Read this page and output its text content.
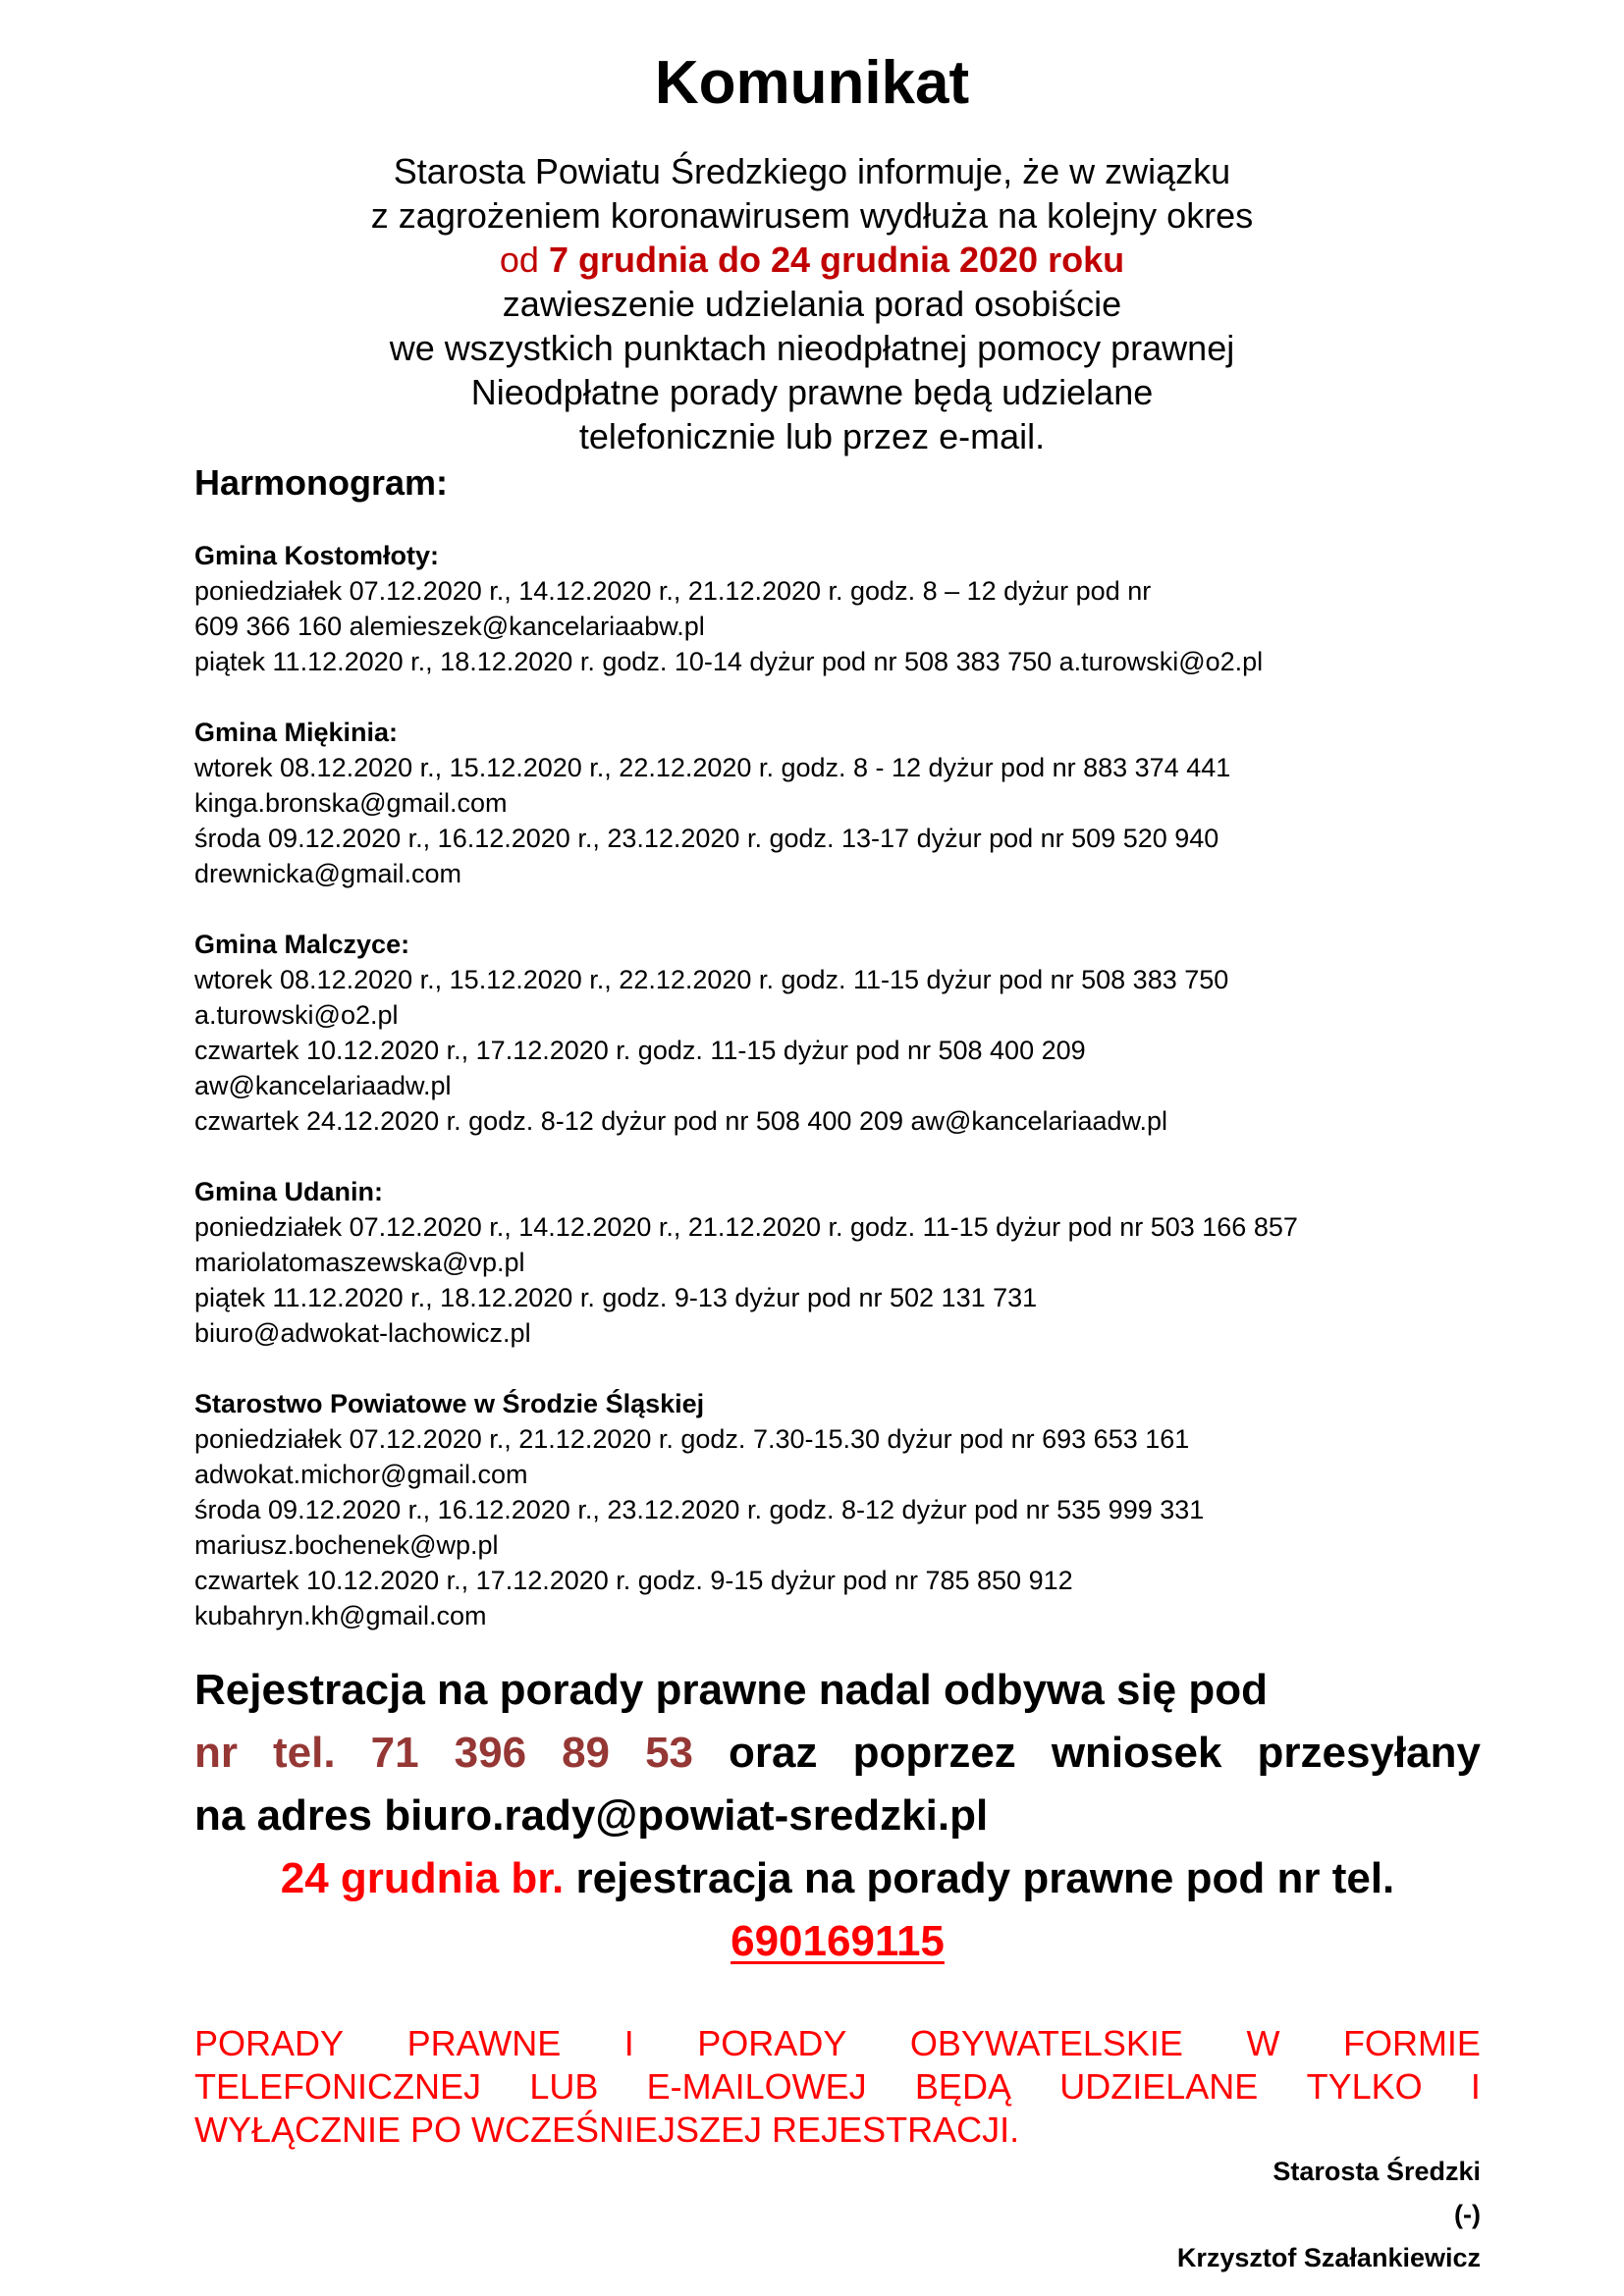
Komunikat
Starosta Powiatu Średzkiego informuje, że w związku
z zagrożeniem koronawirusem wydłuża na kolejny okres
od 7 grudnia do 24 grudnia 2020 roku
zawieszenie udzielania porad osobiście
we wszystkich punktach nieodpłatnej pomocy prawnej
Nieodpłatne porady prawne będą udzielane
telefonicznie lub przez e-mail.
Harmonogram:
Gmina Kostomłoty:
poniedziałek 07.12.2020 r., 14.12.2020 r., 21.12.2020 r. godz. 8 – 12 dyżur pod nr
609 366 160 alemieszek@kancelariaabw.pl
piątek 11.12.2020 r., 18.12.2020 r. godz. 10-14 dyżur pod nr 508 383 750 a.turowski@o2.pl
Gmina Miękinia:
wtorek 08.12.2020 r., 15.12.2020 r., 22.12.2020 r. godz. 8 - 12 dyżur pod nr 883 374 441
kinga.bronska@gmail.com
środa 09.12.2020 r., 16.12.2020 r., 23.12.2020 r. godz. 13-17 dyżur pod nr 509 520 940
drewnicka@gmail.com
Gmina Malczyce:
wtorek 08.12.2020 r., 15.12.2020 r., 22.12.2020 r. godz. 11-15 dyżur pod nr 508 383 750
a.turowski@o2.pl
czwartek 10.12.2020 r., 17.12.2020 r. godz. 11-15 dyżur pod nr 508 400 209
aw@kancelariaadw.pl
czwartek 24.12.2020 r. godz. 8-12 dyżur pod nr 508 400 209 aw@kancelariaadw.pl
Gmina Udanin:
poniedziałek 07.12.2020 r., 14.12.2020 r., 21.12.2020 r. godz. 11-15 dyżur pod nr 503 166 857
mariolatomaszewska@vp.pl
piątek 11.12.2020 r., 18.12.2020 r. godz. 9-13 dyżur pod nr 502 131 731
biuro@adwokat-lachowicz.pl
Starostwo Powiatowe w Środzie Śląskiej
poniedziałek 07.12.2020 r., 21.12.2020 r. godz. 7.30-15.30 dyżur pod nr 693 653 161
adwokat.michor@gmail.com
środa 09.12.2020 r., 16.12.2020 r., 23.12.2020 r. godz. 8-12 dyżur pod nr 535 999 331
mariusz.bochenek@wp.pl
czwartek 10.12.2020 r., 17.12.2020 r. godz. 9-15 dyżur pod nr 785 850 912
kubahryn.kh@gmail.com
Rejestracja na porady prawne nadal odbywa się pod
nr tel. 71 396 89 53 oraz poprzez wniosek przesyłany
na adres biuro.rady@powiat-sredzki.pl
24 grudnia br. rejestracja na porady prawne pod nr tel.
690169115
PORADY PRAWNE I PORADY OBYWATELSKIE W FORMIE
TELEFONICZNEJ LUB E-MAILOWEJ BĘDĄ UDZIELANE TYLKO I
WYŁĄCZNIE PO WCZEŚNIEJSZEJ REJESTRACJI.
Starosta Średzki
(-)
Krzysztof Szałankiewicz
